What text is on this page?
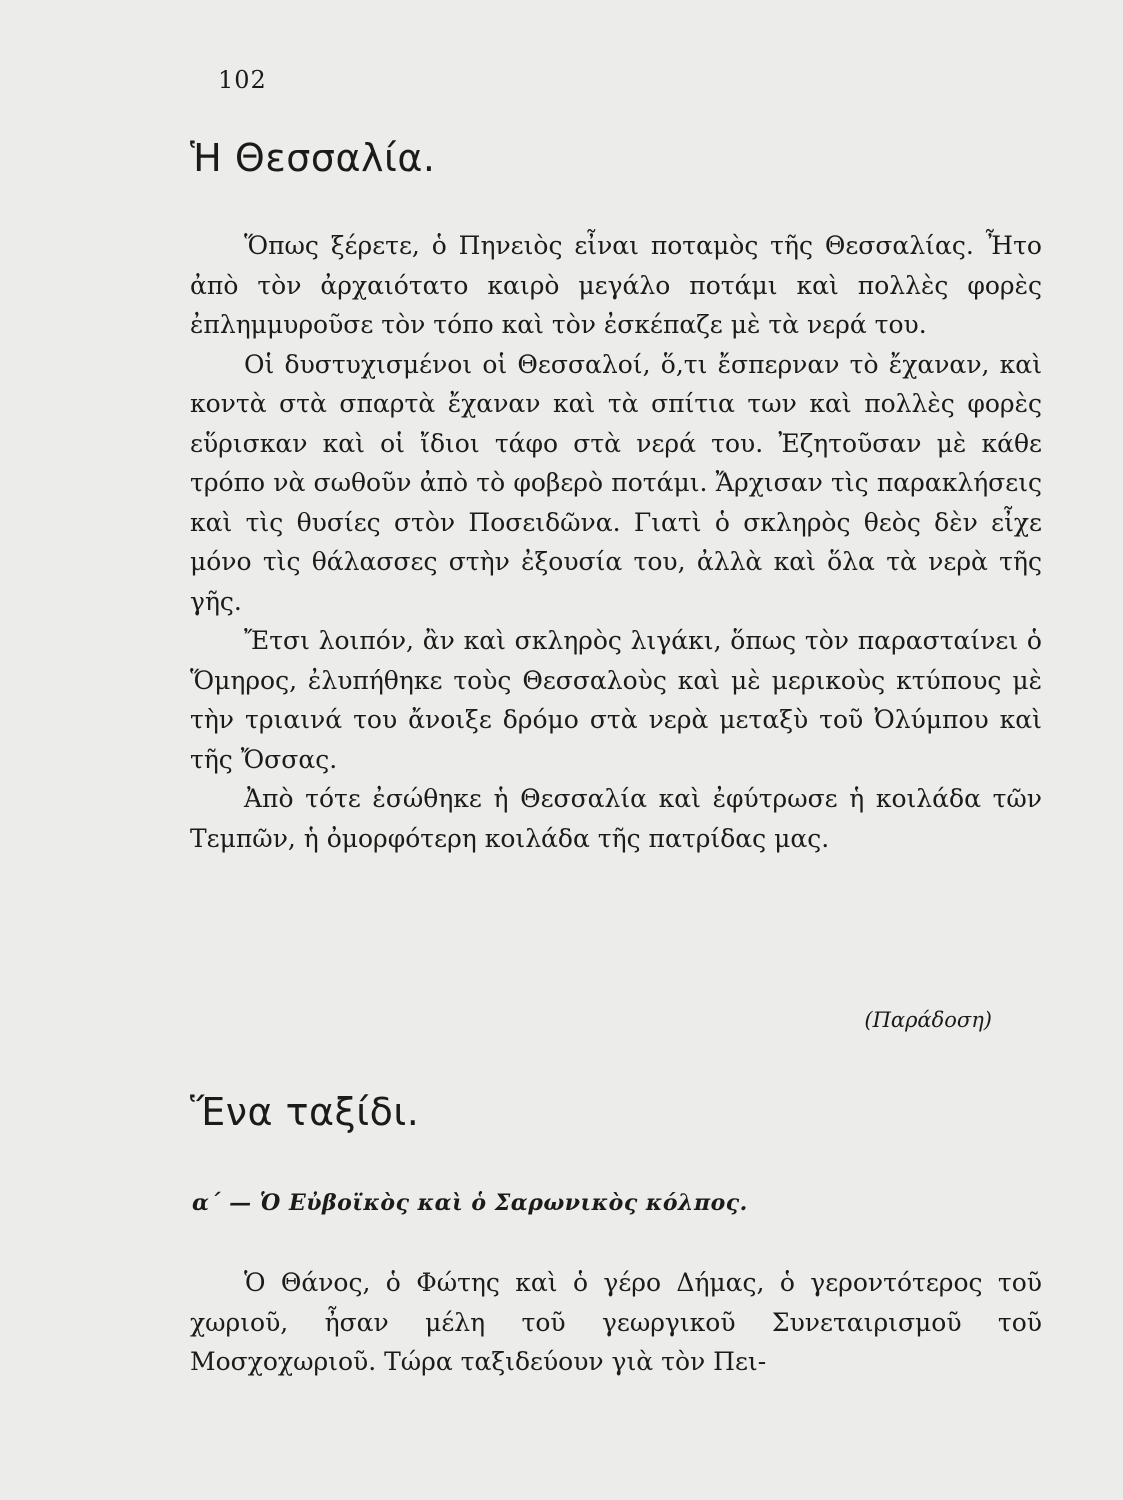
102
Ἡ Θεσσαλία.

Ὅπως ξέρετε, ὁ Πηνειὸς εἶναι ποταμὸς τῆς Θεσσαλίας. Ἦτο ἀπὸ τὸν ἀρχαιότατο καιρὸ μεγάλο ποτάμι καὶ πολλὲς φορὲς ἐπλημμυροῦσε τὸν τόπο καὶ τὸν ἐσκέπαζε μὲ τὰ νερά του.

Οἱ δυστυχισμένοι οἱ Θεσσαλοί, ὅ,τι ἔσπερναν τὸ ἔχαναν, καὶ κοντὰ στὰ σπαρτὰ ἔχαναν καὶ τὰ σπίτια των καὶ πολλὲς φορὲς εὕρισκαν καὶ οἱ ἴδιοι τάφο στὰ νερά του. Ἐζητοῦσαν μὲ κάθε τρόπο νὰ σωθοῦν ἀπὸ τὸ φοβερὸ ποτάμι. Ἄρχισαν τὶς παρακλήσεις καὶ τὶς θυσίες στὸν Ποσειδῶνα. Γιατὶ ὁ σκληρὸς θεὸς δὲν εἶχε μόνο τὶς θάλασσες στὴν ἐξουσία του, ἀλλὰ καὶ ὅλα τὰ νερὰ τῆς γῆς.

Ἔτσι λοιπόν, ἂν καὶ σκληρὸς λιγάκι, ὅπως τὸν παρασταίνει ὁ Ὅμηρος, ἐλυπήθηκε τοὺς Θεσσαλοὺς καὶ μὲ μερικοὺς κτύπους μὲ τὴν τριαινά του ἄνοιξε δρόμο στὰ νερὰ μεταξὺ τοῦ Ὀλύμπου καὶ τῆς Ὄσσας.

Ἀπὸ τότε ἐσώθηκε ἡ Θεσσαλία καὶ ἐφύτρωσε ἡ κοιλάδα τῶν Τεμπῶν, ἡ ὀμορφότερη κοιλάδα τῆς πατρίδας μας.

(Παράδοση)
Ἕνα ταξίδι.
α΄ — Ὁ Εὐβοϊκὸς καὶ ὁ Σαρωνικὸς κόλπος.

Ὁ Θάνος, ὁ Φώτης καὶ ὁ γέρο Δήμας, ὁ γεροντότερος τοῦ χωριοῦ, ἦσαν μέλη τοῦ γεωργικοῦ Συνεταιρισμοῦ τοῦ Μοσχοχωριοῦ. Τώρα ταξιδεύουν γιὰ τὸν Πει-
